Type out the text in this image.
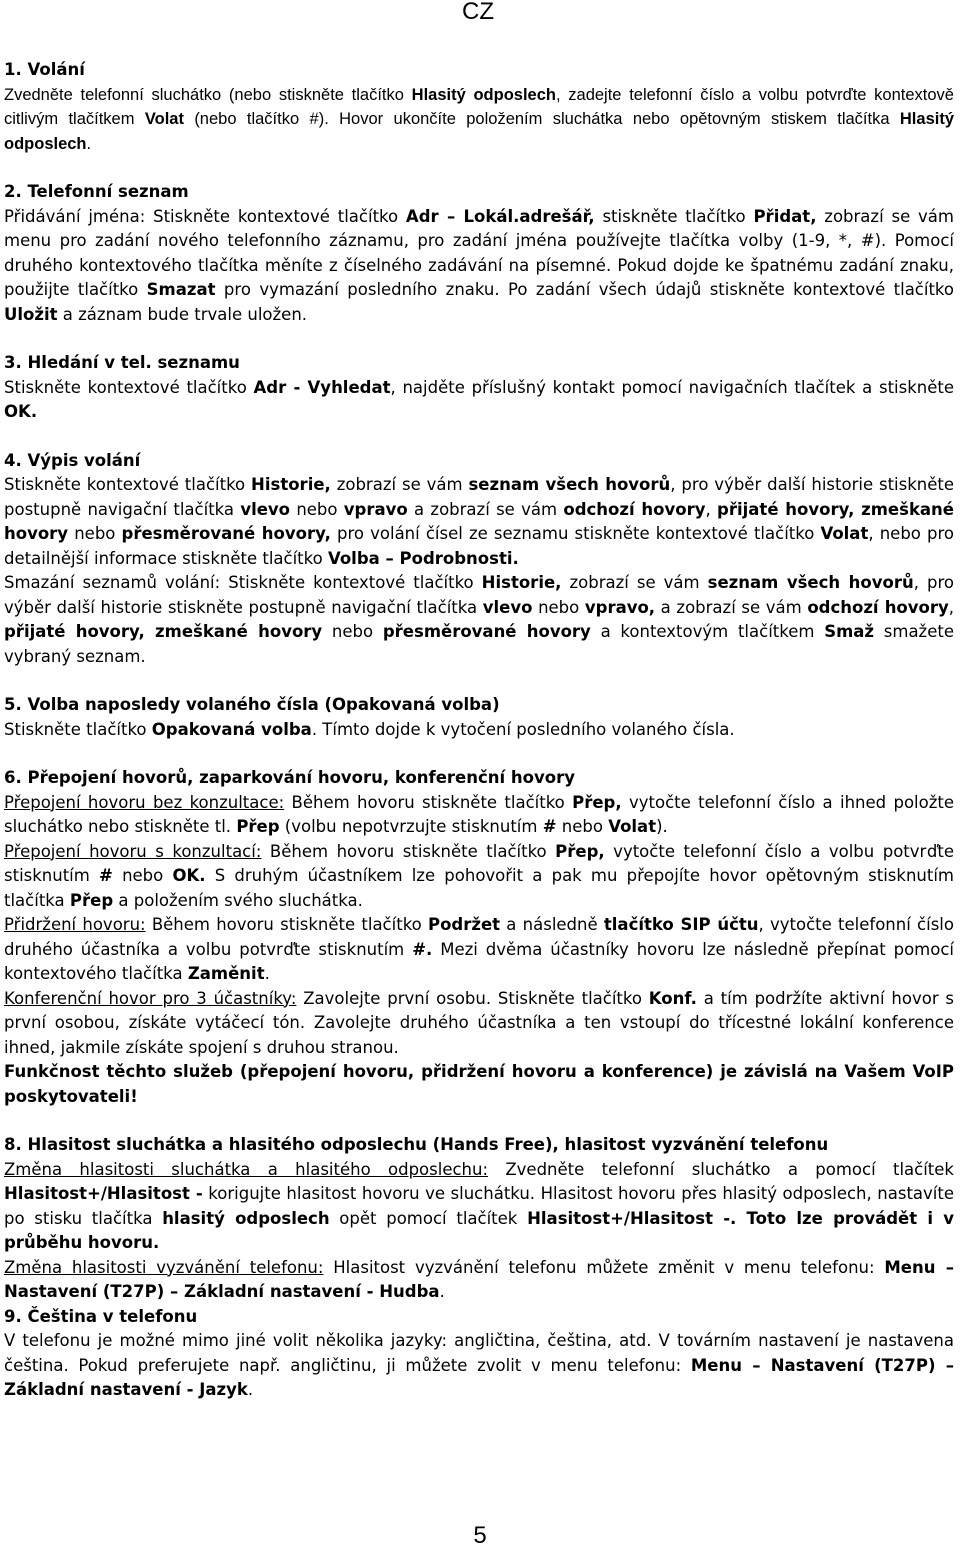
CZ

1. Volání

Zvedněte telefonní sluchátko (nebo stiskněte tlačítko Hlasitý odposlech, zadejte telefonní číslo a volbu potvrďte kontextově citlivým tlačítkem Volat (nebo tlačítko #). Hovor ukončíte položením sluchátka nebo opětovným stiskem tlačítka Hlasitý odposlech.

2. Telefonní seznam

Přidávání jména: Stiskněte kontextové tlačítko Adr – Lokál.adrešář, stiskněte tlačítko Přidat, zobrazí se vám menu pro zadání nového telefonního záznamu, pro zadání jména používejte tlačítka volby (1-9, *, #). Pomocí druhého kontextového tlačítka měníte z číselného zadávání na písemné. Pokud dojde ke špatnému zadání znaku, použijte tlačítko Smazat pro vymazání posledního znaku. Po zadání všech údajů stiskněte kontextové tlačítko Uložit a záznam bude trvale uložen.

3. Hledání v tel. seznamu

Stiskněte kontextové tlačítko Adr - Vyhledat, najděte příslušný kontakt pomocí navigačních tlačítek a stiskněte OK.

4. Výpis volání

Stiskněte kontextové tlačítko Historie, zobrazí se vám seznam všech hovorů, pro výběr další historie stiskněte postupně navigační tlačítka vlevo nebo vpravo a zobrazí se vám odchozí hovory, přijaté hovory, zmeškané hovory nebo přesměrované hovory, pro volání čísel ze seznamu stiskněte kontextové tlačítko Volat, nebo pro detailnější informace stiskněte tlačítko Volba – Podrobnosti.

Smazání seznamů volání: Stiskněte kontextové tlačítko Historie, zobrazí se vám seznam všech hovorů, pro výběr další historie stiskněte postupně navigační tlačítka vlevo nebo vpravo, a zobrazí se vám odchozí hovory, přijaté hovory, zmeškané hovory nebo přesměrované hovory a kontextovým tlačítkem Smaž smažete vybraný seznam.

5. Volba naposledy volaného čísla (Opakovaná volba)

Stiskněte tlačítko Opakovaná volba. Tímto dojde k vytočení posledního volaného čísla.

6. Přepojení hovorů, zaparkování hovoru, konferenční hovory

Přepojení hovoru bez konzultace: Během hovoru stiskněte tlačítko Přep, vytočte telefonní číslo a ihned položte sluchátko nebo stiskněte tl. Přep (volbu nepotvrzujte stisknutím # nebo Volat).

Přepojení hovoru s konzultací: Během hovoru stiskněte tlačítko Přep, vytočte telefonní číslo a volbu potvrďte stisknutím # nebo OK. S druhým účastníkem lze pohovořit a pak mu přepojíte hovor opětovným stisknutím tlačítka Přep a položením svého sluchátka.

Přidržení hovoru: Během hovoru stiskněte tlačítko Podržet a následně tlačítko SIP účtu, vytočte telefonní číslo druhého účastníka a volbu potvrďte stisknutím #. Mezi dvěma účastníky hovoru lze následně přepínat pomocí kontextového tlačítka Zaměnit.

Konferenční hovor pro 3 účastníky: Zavolejte první osobu. Stiskněte tlačítko Konf. a tím podržíte aktivní hovor s první osobou, získáte vytáčecí tón. Zavolejte druhého účastníka a ten vstoupí do třícestné lokální konference ihned, jakmile získáte spojení s druhou stranou.

Funkčnost těchto služeb (přepojení hovoru, přidržení hovoru a konference) je závislá na Vašem VoIP poskytovateli!

8. Hlasitost sluchátka a hlasitého odposlechu (Hands Free), hlasitost vyzvánění telefonu

Změna hlasitosti sluchátka a hlasitého odposlechu: Zvedněte telefonní sluchátko a pomocí tlačítek Hlasitost+/Hlasitost - korigujte hlasitost hovoru ve sluchátku. Hlasitost hovoru přes hlasitý odposlech, nastavíte po stisku tlačítka hlasitý odposlech opět pomocí tlačítek Hlasitost+/Hlasitost -. Toto lze provádět i v průběhu hovoru.

Změna hlasitosti vyzvánění telefonu: Hlasitost vyzvánění telefonu můžete změnit v menu telefonu: Menu – Nastavení (T27P) – Základní nastavení - Hudba.

9. Čeština v telefonu

V telefonu je možné mimo jiné volit několika jazyky: angličtina, čeština, atd. V továrním nastavení je nastavena čeština. Pokud preferujete např. angličtinu, ji můžete zvolit v menu telefonu: Menu – Nastavení (T27P) – Základní nastavení - Jazyk.

5
